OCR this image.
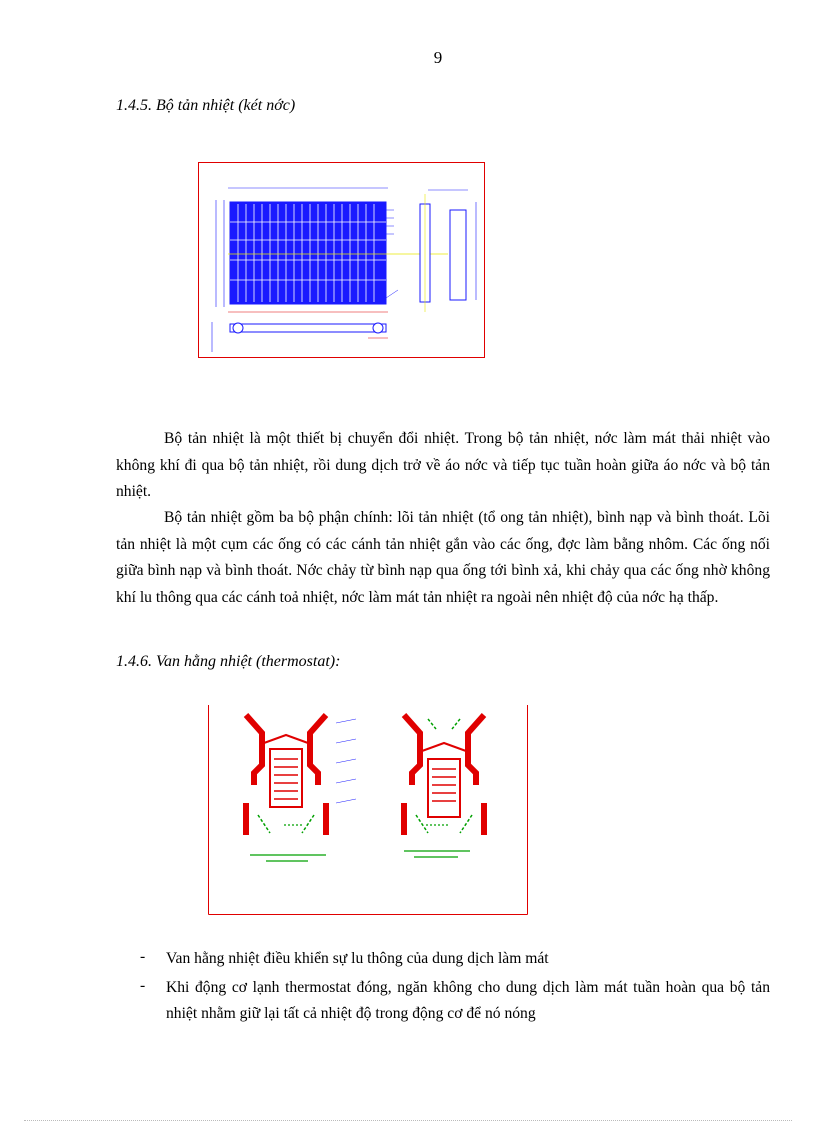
9
1.4.5. Bộ tản nhiệt (két nớc)
Bộ tản nhiệt là một thiết bị chuyển đổi nhiệt. Trong bộ tản nhiệt, nớc làm mát thải nhiệt vào không khí đi qua bộ tản nhiệt, rồi dung dịch trở về áo nớc và tiếp tục tuần hoàn giữa áo nớc và bộ tản nhiệt.
Bộ tản nhiệt gồm ba bộ phận chính: lõi tản nhiệt (tổ ong tản nhiệt), bình nạp và bình thoát. Lõi tản nhiệt là một cụm các ống có các cánh tản nhiệt gắn vào các ống, đợc làm bằng nhôm. Các ống nối giữa bình nạp và bình thoát. Nớc chảy từ bình nạp qua ống tới bình xả, khi chảy qua các ống nhờ không khí lu thông qua các cánh toả nhiệt, nớc làm mát tản nhiệt ra ngoài nên nhiệt độ của nớc hạ thấp.
1.4.6. Van hằng nhiệt (thermostat):
- Van hằng nhiệt điều khiển sự lu thông của dung dịch làm mát
- Khi động cơ lạnh thermostat đóng, ngăn không cho dung dịch làm mát tuần hoàn qua bộ tản nhiệt nhằm giữ lại tất cả nhiệt độ trong động cơ để nó nóng
